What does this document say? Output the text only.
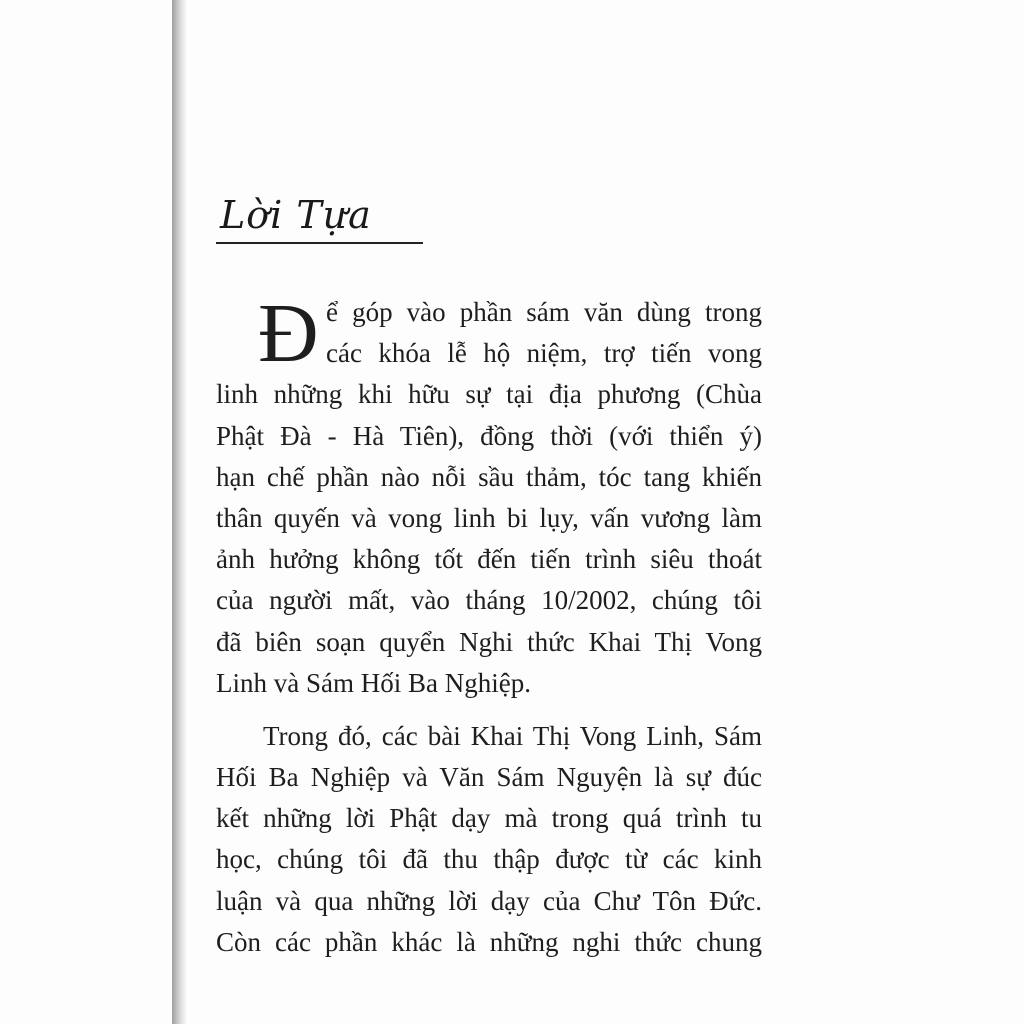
Lời Tựa
Đ ể góp vào phần sám văn dùng trong
các khóa lễ hộ niệm, trợ tiến vong
linh những khi hữu sự tại địa phương (Chùa
Phật Đà - Hà Tiên), đồng thời (với thiển ý)
hạn chế phần nào nỗi sầu thảm, tóc tang khiến
thân quyến và vong linh bi lụy, vấn vương làm
ảnh hưởng không tốt đến tiến trình siêu thoát
của người mất, vào tháng 10/2002, chúng tôi
đã biên soạn quyển Nghi thức Khai Thị Vong
Linh và Sám Hối Ba Nghiệp.
Trong đó, các bài Khai Thị Vong Linh, Sám
Hối Ba Nghiệp và Văn Sám Nguyện là sự đúc
kết những lời Phật dạy mà trong quá trình tu
học, chúng tôi đã thu thập được từ các kinh
luận và qua những lời dạy của Chư Tôn Đức.
Còn các phần khác là những nghi thức chung
